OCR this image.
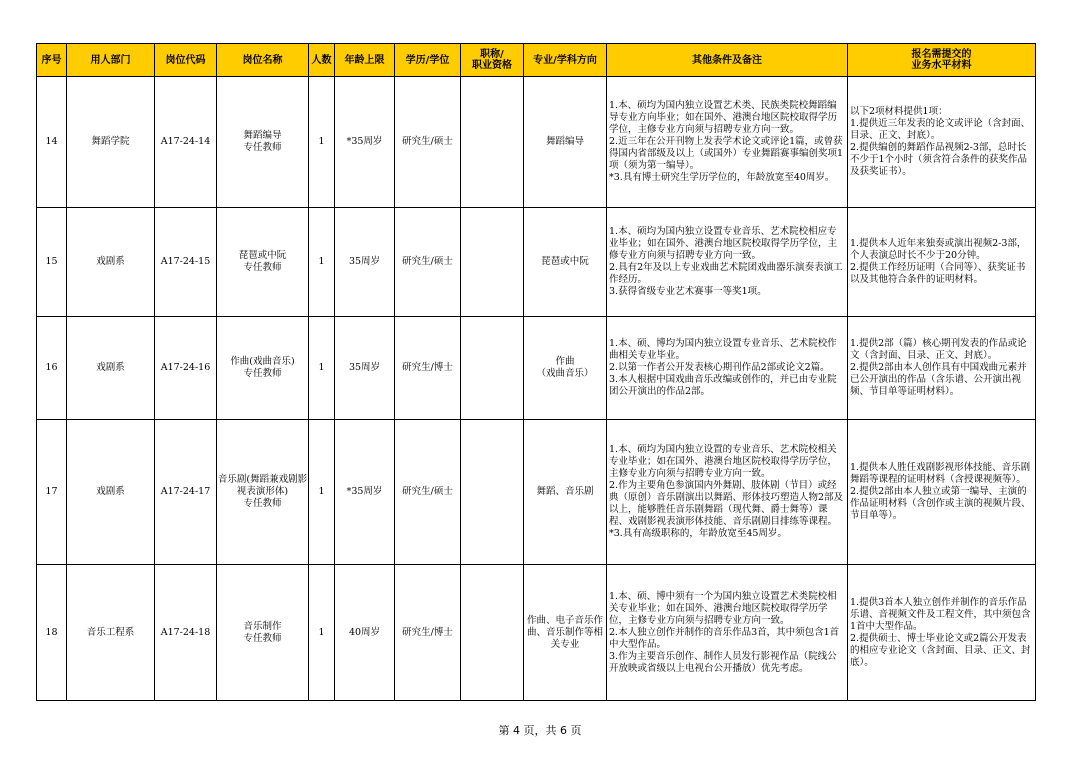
序号	用人部门	岗位代码	岗位名称	人数	年龄上限	学历/学位	职称/
职业资格	专业/学科方向	其他条件及备注	报名需提交的
业务水平材料
14	舞蹈学院	A17-24-14	舞蹈编导
专任教师	1	*35周岁	研究生/硕士		舞蹈编导	1.本、硕均为国内独立设置艺术类、民族类院校舞蹈编导专业方向毕业；如在国外、港澳台地区院校取得学历学位，主修专业方向须与招聘专业方向一致。
2.近三年在公开刊物上发表学术论文或评论1篇，或曾获得国内省部级及以上（或国外）专业舞蹈赛事编创奖项1项（须为第一编导）。
*3.具有博士研究生学历学位的，年龄放宽至40周岁。	以下2项材料提供1项：
1.提供近三年发表的论文或评论（含封面、目录、正文、封底）。
2.提供编创的舞蹈作品视频2-3部，总时长不少于1个小时（须含符合条件的获奖作品及获奖证书）。

15	戏剧系	A17-24-15	琵琶或中阮
专任教师	1	35周岁	研究生/硕士		琵琶或中阮	1.本、硕均为国内独立设置专业音乐、艺术院校相应专业毕业；如在国外、港澳台地区院校取得学历学位，主修专业方向须与招聘专业方向一致。
2.具有2年及以上专业戏曲艺术院团戏曲器乐演奏表演工作经历。
3.获得省级专业艺术赛事一等奖1项。	1.提供本人近年来独奏或演出视频2-3部，个人表演总时长不少于20分钟。
2.提供工作经历证明（合同等）、获奖证书以及其他符合条件的证明材料。

16	戏剧系	A17-24-16	作曲(戏曲音乐)
专任教师	1	35周岁	研究生/博士		作曲
（戏曲音乐）	1.本、硕、博均为国内独立设置专业音乐、艺术院校作曲相关专业毕业。
2.以第一作者公开发表核心期刊作品2部或论文2篇。
3.本人根据中国戏曲音乐改编或创作的，并已由专业院团公开演出的作品2部。	1.提供2部（篇）核心期刊发表的作品或论文（含封面、目录、正文、封底）。
2.提供2部由本人创作具有中国戏曲元素并已公开演出的作品（含乐谱、公开演出视频、节目单等证明材料）。

17	戏剧系	A17-24-17	音乐剧(舞蹈兼戏剧影视表演形体)
专任教师	1	*35周岁	研究生/硕士		舞蹈、音乐剧	1.本、硕均为国内独立设置的专业音乐、艺术院校相关专业毕业；如在国外、港澳台地区院校取得学历学位，主修专业方向须与招聘专业方向一致。
2.作为主要角色参演国内外舞剧、肢体剧（节目）或经典（原创）音乐剧演出以舞蹈、形体技巧塑造人物2部及以上，能够胜任音乐剧舞蹈（现代舞、爵士舞等）课程、戏剧影视表演形体技能、音乐剧剧目排练等课程。
*3.具有高级职称的，年龄放宽至45周岁。	1.提供本人胜任戏剧影视形体技能、音乐剧舞蹈等课程的证明材料（含授课视频等）。
2.提供2部由本人独立或第一编导、主演的作品证明材料（含创作或主演的视频片段、节目单等）。

18	音乐工程系	A17-24-18	音乐制作
专任教师	1	40周岁	研究生/博士		作曲、电子音乐作曲、音乐制作等相关专业	1.本、硕、博中须有一个为国内独立设置艺术类院校相关专业毕业；如在国外、港澳台地区院校取得学历学位，主修专业方向须与招聘专业方向一致。
2.本人独立创作并制作的音乐作品3首，其中须包含1首中大型作品。
3.作为主要音乐创作、制作人员发行影视作品（院线公开放映或省级以上电视台公开播放）优先考虑。	1.提供3首本人独立创作并制作的音乐作品乐谱、音视频文件及工程文件，其中须包含1首中大型作品。
2.提供硕士、博士毕业论文或2篇公开发表的相应专业论文（含封面、目录、正文、封底）。
第 4 页，共 6 页
